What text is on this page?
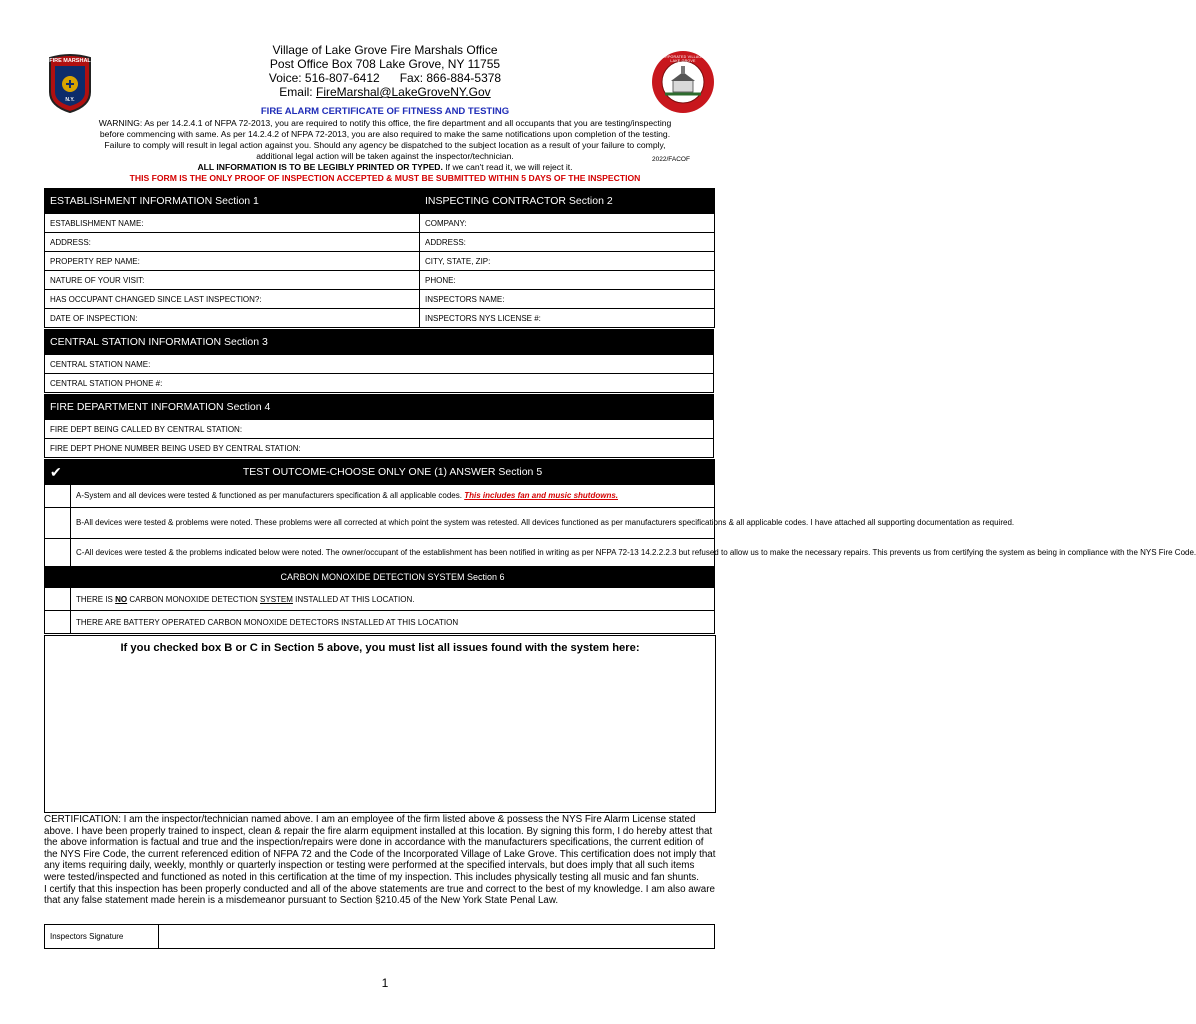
FIRE MARSHAL
N.Y.
INCORPORATED VILLAGE OF LAKE GROVE
Village of Lake Grove Fire Marshals Office
Post Office Box 708 Lake Grove, NY 11755
Voice: 516-807-6412 Fax: 866-884-5378
Email: FireMarshal@LakeGroveNY.Gov
FIRE ALARM CERTIFICATE OF FITNESS AND TESTING
WARNING: As per 14.2.4.1 of NFPA 72-2013, you are required to notify this office, the fire department and all occupants that you are testing/inspecting
before commencing with same. As per 14.2.4.2 of NFPA 72-2013, you are also required to make the same notifications upon completion of the testing.
Failure to comply will result in legal action against you. Should any agency be dispatched to the subject location as a result of your failure to comply,
additional legal action will be taken against the inspector/technician.	2022/FACOF
ALL INFORMATION IS TO BE LEGIBLY PRINTED OR TYPED. If we can't read it, we will reject it.
THIS FORM IS THE ONLY PROOF OF INSPECTION ACCEPTED & MUST BE SUBMITTED WITHIN 5 DAYS OF THE INSPECTION
ESTABLISHMENT INFORMATION Section 1	INSPECTING CONTRACTOR Section 2
ESTABLISHMENT NAME:	COMPANY:
ADDRESS:	ADDRESS:
PROPERTY REP NAME:	CITY, STATE, ZIP:
NATURE OF YOUR VISIT:	PHONE:
HAS OCCUPANT CHANGED SINCE LAST INSPECTION?:	INSPECTORS NAME:
DATE OF INSPECTION:	INSPECTORS NYS LICENSE #:
CENTRAL STATION INFORMATION Section 3
CENTRAL STATION NAME:
CENTRAL STATION PHONE #:
FIRE DEPARTMENT INFORMATION Section 4
FIRE DEPT BEING CALLED BY CENTRAL STATION:
FIRE DEPT PHONE NUMBER BEING USED BY CENTRAL STATION:
✔	TEST OUTCOME-CHOOSE ONLY ONE (1) ANSWER Section 5
	A-System and all devices were tested & functioned as per manufacturers specification & all applicable codes. This includes fan and music shutdowns.
	B-All devices were tested & problems were noted. These problems were all corrected at which point the system was retested. All devices functioned as per manufacturers specifications & all applicable codes. I have attached all supporting documentation as required.
	C-All devices were tested & the problems indicated below were noted. The owner/occupant of the establishment has been notified in writing as per NFPA 72-13 14.2.2.2.3 but refused to allow us to make the necessary repairs. This prevents us from certifying the system as being in compliance with the NYS Fire Code.
	CARBON MONOXIDE DETECTION SYSTEM Section 6
	THERE IS NO CARBON MONOXIDE DETECTION SYSTEM INSTALLED AT THIS LOCATION.
	THERE ARE BATTERY OPERATED CARBON MONOXIDE DETECTORS INSTALLED AT THIS LOCATION
If you checked box B or C in Section 5 above, you must list all issues found with the system here:
CERTIFICATION: I am the inspector/technician named above. I am an employee of the firm listed above & possess the NYS Fire Alarm License stated above. I have been properly trained to inspect, clean & repair the fire alarm equipment installed at this location. By signing this form, I do hereby attest that the above information is factual and true and the inspection/repairs were done in accordance with the manufacturers specifications, the current edition of the NYS Fire Code, the current referenced edition of NFPA 72 and the Code of the Incorporated Village of Lake Grove. This certification does not imply that any items requiring daily, weekly, monthly or quarterly inspection or testing were performed at the specified intervals, but does imply that all such items were tested/inspected and functioned as noted in this certification at the time of my inspection. This includes physically testing all music and fan shunts.
I certify that this inspection has been properly conducted and all of the above statements are true and correct to the best of my knowledge. I am also aware that any false statement made herein is a misdemeanor pursuant to Section §210.45 of the New York State Penal Law.
Inspectors Signature	
1
